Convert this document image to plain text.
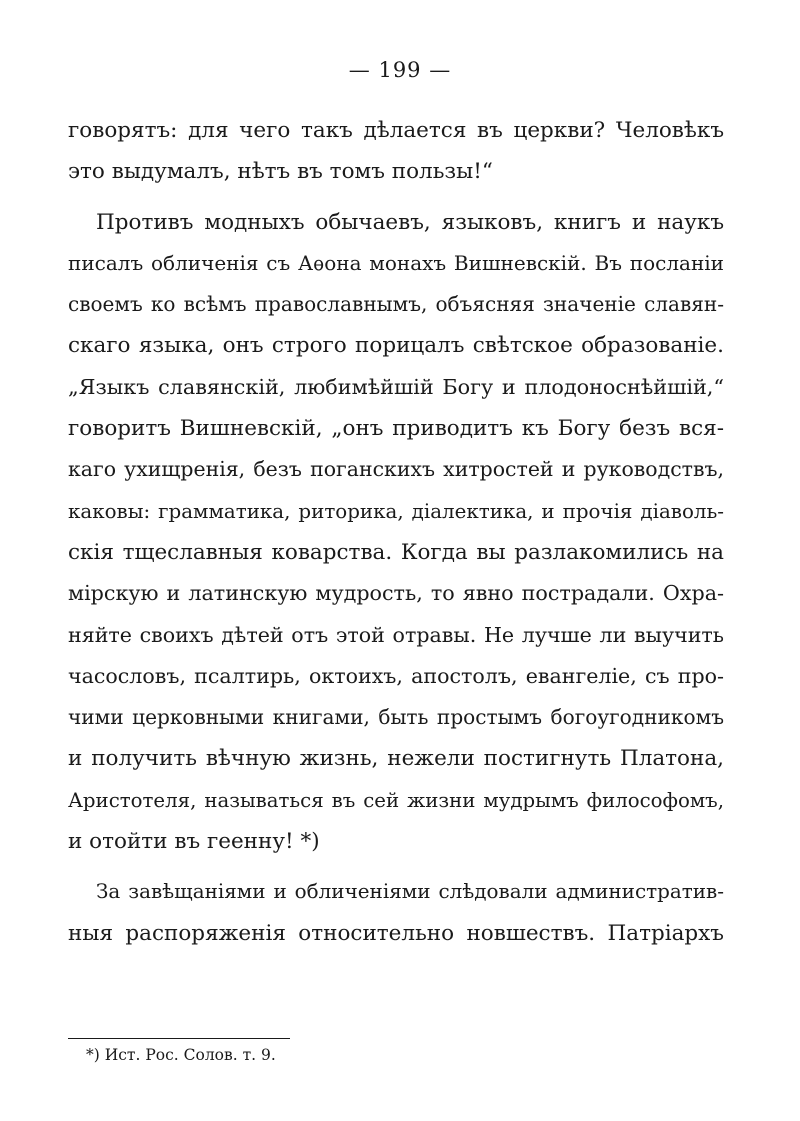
— 199 —
говорятъ: для чего такъ дѣлается въ церкви? Человѣкъ
это выдумалъ, нѣтъ въ томъ пользы!“
Противъ модныхъ обычаевъ, языковъ, книгъ и наукъ
писалъ обличенія съ Аѳона монахъ Вишневскій. Въ посланіи
своемъ ко всѣмъ православнымъ, объясняя значеніе славян-
скаго языка, онъ строго порицалъ свѣтское образованіе.
„Языкъ славянскій, любимѣйшій Богу и плодоноснѣйшій,“
говоритъ Вишневскій, „онъ приводитъ къ Богу безъ вся-
каго ухищренія, безъ поганскихъ хитростей и руководствъ,
каковы: грамматика, риторика, діалектика, и прочія діаволь-
скія тщеславныя коварства. Когда вы разлакомились на
мірскую и латинскую мудрость, то явно пострадали. Охра-
няйте своихъ дѣтей отъ этой отравы. Не лучше ли выучить
часословъ, псалтирь, октоихъ, апостолъ, евангеліе, съ про-
чими церковными книгами, быть простымъ богоугодникомъ
и получить вѣчную жизнь, нежели постигнуть Платона,
Аристотеля, называться въ сей жизни мудрымъ философомъ,
и отойти въ геенну! *)
За завѣщаніями и обличеніями слѣдовали административ-
ныя распоряженія относительно новшествъ. Патріархъ
*) Ист. Рос. Солов. т. 9.
